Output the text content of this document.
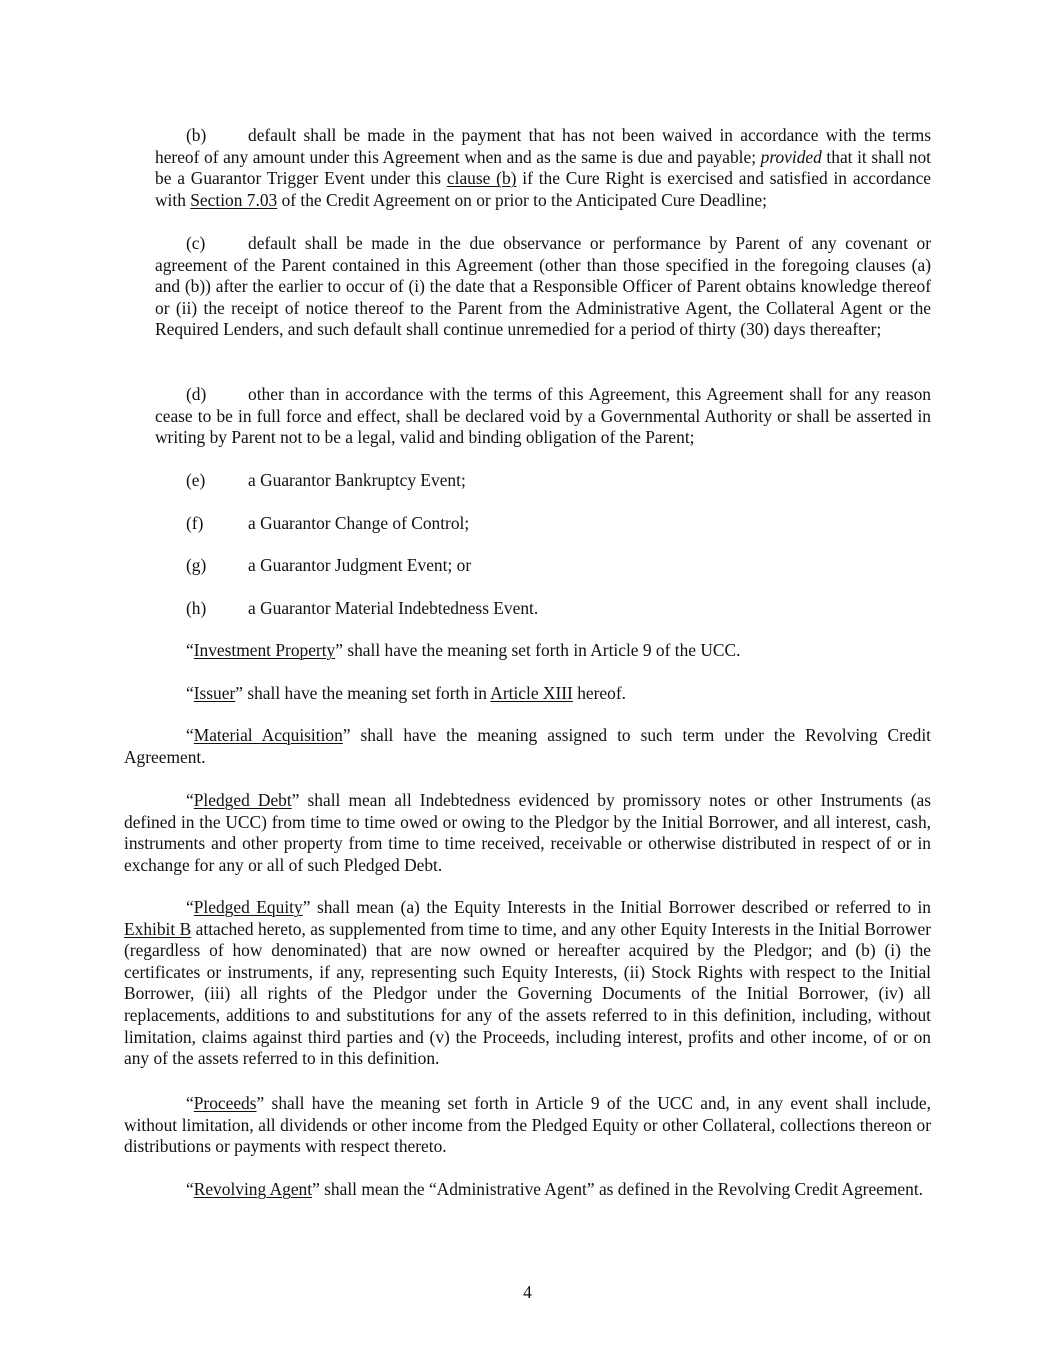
(b) default shall be made in the payment that has not been waived in accordance with the terms hereof of any amount under this Agreement when and as the same is due and payable; provided that it shall not be a Guarantor Trigger Event under this clause (b) if the Cure Right is exercised and satisfied in accordance with Section 7.03 of the Credit Agreement on or prior to the Anticipated Cure Deadline;

(c) default shall be made in the due observance or performance by Parent of any covenant or agreement of the Parent contained in this Agreement (other than those specified in the foregoing clauses (a) and (b)) after the earlier to occur of (i) the date that a Responsible Officer of Parent obtains knowledge thereof or (ii) the receipt of notice thereof to the Parent from the Administrative Agent, the Collateral Agent or the Required Lenders, and such default shall continue unremedied for a period of thirty (30) days thereafter;

(d) other than in accordance with the terms of this Agreement, this Agreement shall for any reason cease to be in full force and effect, shall be declared void by a Governmental Authority or shall be asserted in writing by Parent not to be a legal, valid and binding obligation of the Parent;

(e) a Guarantor Bankruptcy Event;

(f)	a Guarantor Change of Control;

(g) a Guarantor Judgment Event; or

(h) a Guarantor Material Indebtedness Event.

“Investment Property” shall have the meaning set forth in Article 9 of the UCC.

“Issuer” shall have the meaning set forth in Article XIII hereof.

“Material Acquisition” shall have the meaning assigned to such term under the Revolving Credit Agreement.

“Pledged Debt” shall mean all Indebtedness evidenced by promissory notes or other Instruments (as defined in the UCC) from time to time owed or owing to the Pledgor by the Initial Borrower, and all interest, cash, instruments and other property from time to time received, receivable or otherwise distributed in respect of or in exchange for any or all of such Pledged Debt.

“Pledged Equity” shall mean (a) the Equity Interests in the Initial Borrower described or referred to in Exhibit B attached hereto, as supplemented from time to time, and any other Equity Interests in the Initial Borrower (regardless of how denominated) that are now owned or hereafter acquired by the Pledgor; and (b) (i) the certificates or instruments, if any, representing such Equity Interests, (ii) Stock Rights with respect to the Initial Borrower, (iii) all rights of the Pledgor under the Governing Documents of the Initial Borrower, (iv) all replacements, additions to and substitutions for any of the assets referred to in this definition, including, without limitation, claims against third parties and (v) the Proceeds, including interest, profits and other income, of or on any of the assets referred to in this definition.

“Proceeds” shall have the meaning set forth in Article 9 of the UCC and, in any event shall include, without limitation, all dividends or other income from the Pledged Equity or other Collateral, collections thereon or distributions or payments with respect thereto.

“Revolving Agent” shall mean the “Administrative Agent” as defined in the Revolving Credit Agreement.

4
